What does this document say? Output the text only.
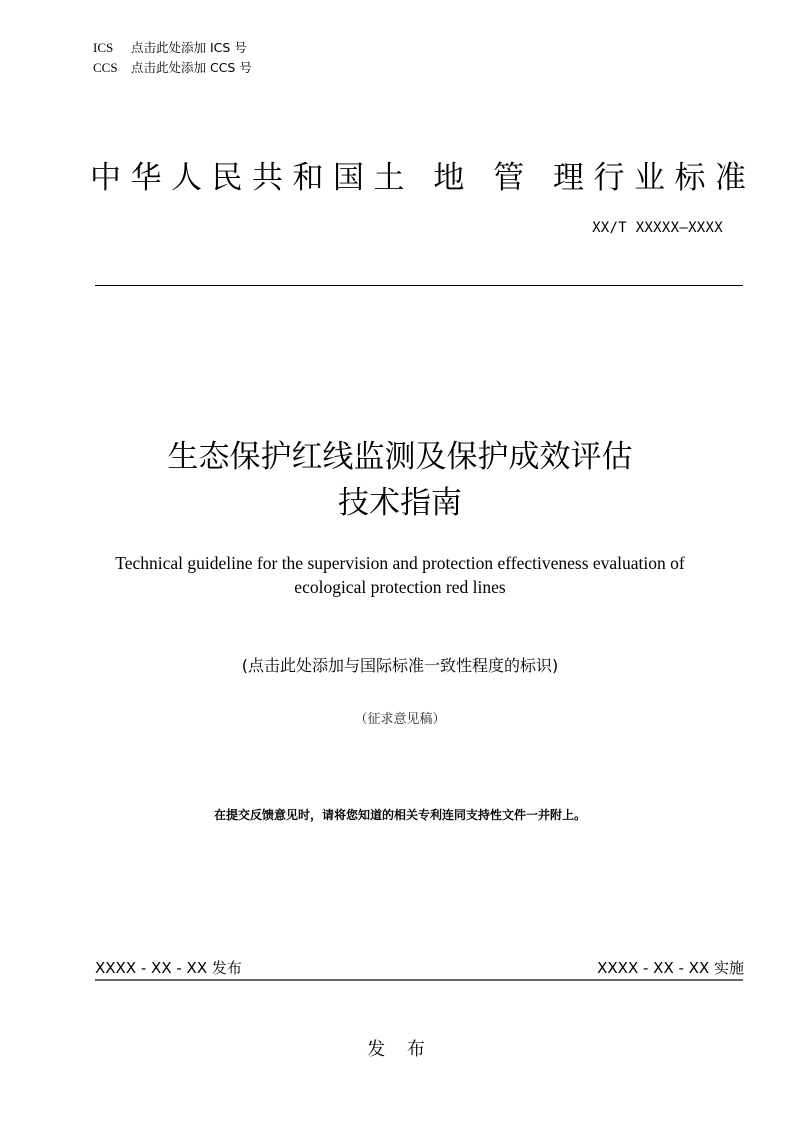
ICS 点击此处添加 ICS 号
CCS 点击此处添加 CCS 号
中华人民共和国土 地 管 理行业标准
XX/T XXXXX—XXXX
生态保护红线监测及保护成效评估
技术指南
Technical guideline for the supervision and protection effectiveness evaluation of
ecological protection red lines
(点击此处添加与国际标准一致性程度的标识)
（征求意见稿）
在提交反馈意见时，请将您知道的相关专利连同支持性文件一并附上。
XXXX - XX - XX 发布	XXXX - XX - XX 实施
发 布
